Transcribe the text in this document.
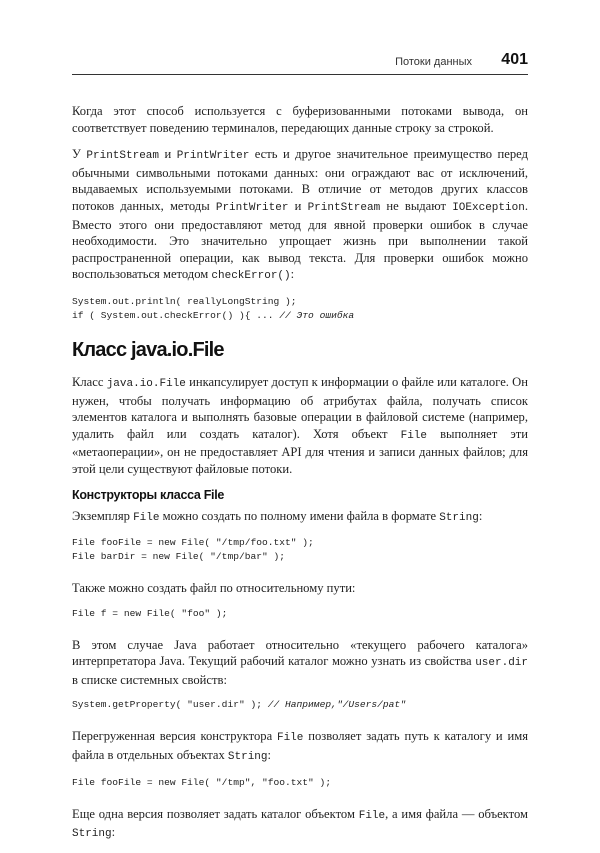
Потоки данных 401

Когда этот способ используется с буферизованными потоками вывода, он соответствует поведению терминалов, передающих данные строку за строкой.

У PrintStream и PrintWriter есть и другое значительное преимущество перед обычными символьными потоками данных: они ограждают вас от исключений, выдаваемых используемыми потоками. В отличие от методов других классов потоков данных, методы PrintWriter и PrintStream не выдают IOException. Вместо этого они предоставляют метод для явной проверки ошибок в случае необходимости. Это значительно упрощает жизнь при выполнении такой распространенной операции, как вывод текста. Для проверки ошибок можно воспользоваться методом checkError():

System.out.println( reallyLongString );
if ( System.out.checkError() ){ ... // Это ошибка
Класс java.io.File

Класс java.io.File инкапсулирует доступ к информации о файле или каталоге. Он нужен, чтобы получать информацию об атрибутах файла, получать список элементов каталога и выполнять базовые операции в файловой системе (например, удалить файл или создать каталог). Хотя объект File выполняет эти «метаоперации», он не предоставляет API для чтения и записи данных файлов; для этой цели существуют файловые потоки.

Конструкторы класса File

Экземпляр File можно создать по полному имени файла в формате String:

File fooFile = new File( "/tmp/foo.txt" );
File barDir = new File( "/tmp/bar" );

Также можно создать файл по относительному пути:

File f = new File( "foo" );

В этом случае Java работает относительно «текущего рабочего каталога» интерпретатора Java. Текущий рабочий каталог можно узнать из свойства user.dir в списке системных свойств:

System.getProperty( "user.dir" ); // Например,"/Users/pat"

Перегруженная версия конструктора File позволяет задать путь к каталогу и имя файла в отдельных объектах String:

File fooFile = new File( "/tmp", "foo.txt" );

Еще одна версия позволяет задать каталог объектом File, а имя файла — объектом String:
